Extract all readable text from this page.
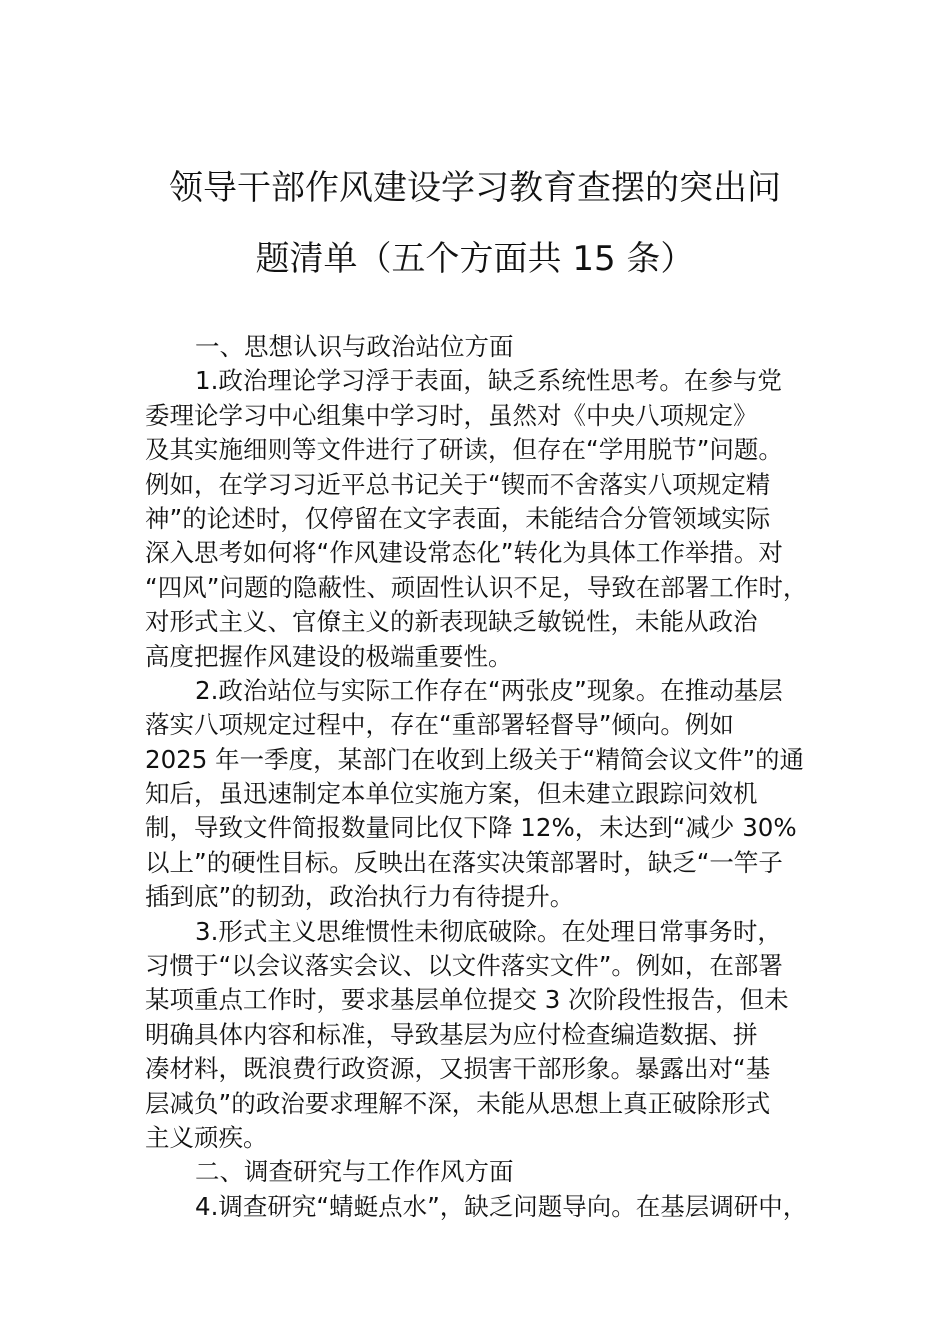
领导干部作风建设学习教育查摆的突出问
题清单（五个方面共 15 条）
一、思想认识与政治站位方面
1.政治理论学习浮于表面，缺乏系统性思考。在参与党
委理论学习中心组集中学习时，虽然对《中央八项规定》
及其实施细则等文件进行了研读，但存在“学用脱节”问题。
例如，在学习习近平总书记关于“锲而不舍落实八项规定精
神”的论述时，仅停留在文字表面，未能结合分管领域实际
深入思考如何将“作风建设常态化”转化为具体工作举措。对
“四风”问题的隐蔽性、顽固性认识不足，导致在部署工作时，
对形式主义、官僚主义的新表现缺乏敏锐性，未能从政治
高度把握作风建设的极端重要性。
2.政治站位与实际工作存在“两张皮”现象。在推动基层
落实八项规定过程中，存在“重部署轻督导”倾向。例如
2025 年一季度，某部门在收到上级关于“精简会议文件”的通
知后，虽迅速制定本单位实施方案，但未建立跟踪问效机
制，导致文件简报数量同比仅下降 12%，未达到“减少 30%
以上”的硬性目标。反映出在落实决策部署时，缺乏“一竿子
插到底”的韧劲，政治执行力有待提升。
3.形式主义思维惯性未彻底破除。在处理日常事务时，
习惯于“以会议落实会议、以文件落实文件”。例如，在部署
某项重点工作时，要求基层单位提交 3 次阶段性报告，但未
明确具体内容和标准，导致基层为应付检查编造数据、拼
凑材料，既浪费行政资源，又损害干部形象。暴露出对“基
层减负”的政治要求理解不深，未能从思想上真正破除形式
主义顽疾。
二、调查研究与工作作风方面
4.调查研究“蜻蜓点水”，缺乏问题导向。在基层调研中，
